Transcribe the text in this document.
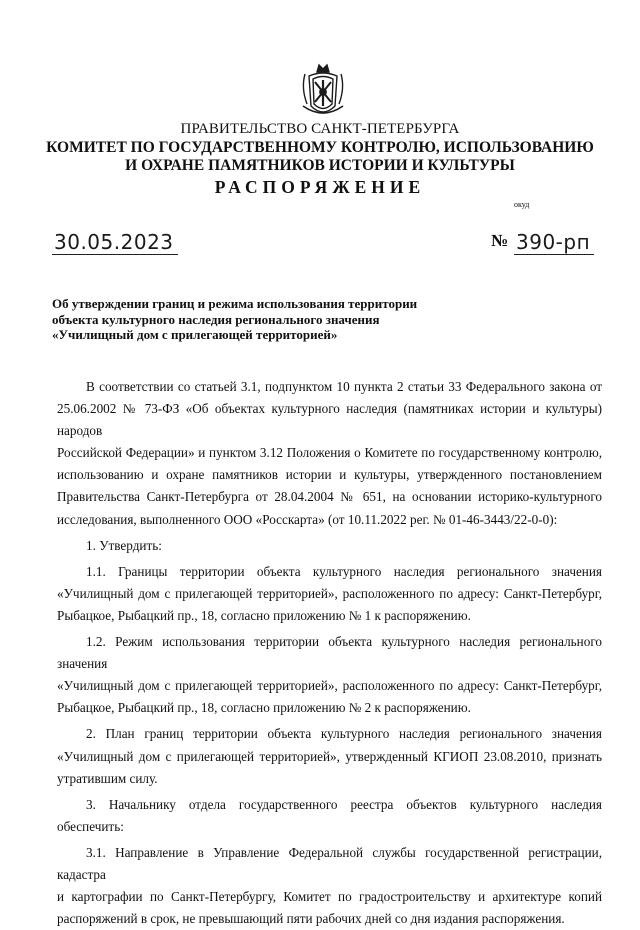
ПРАВИТЕЛЬСТВО САНКТ-ПЕТЕРБУРГА
КОМИТЕТ ПО ГОСУДАРСТВЕННОМУ КОНТРОЛЮ, ИСПОЛЬЗОВАНИЮ
И ОХРАНЕ ПАМЯТНИКОВ ИСТОРИИ И КУЛЬТУРЫ
РАСПОРЯЖЕНИЕ
окуд
30.05.2023	№ 390-рп
Об утверждении границ и режима использования территории
объекта культурного наследия регионального значения
«Училищный дом с прилегающей территорией»

В соответствии со статьей 3.1, подпунктом 10 пункта 2 статьи 33 Федерального закона от

25.06.2002 № 73-ФЗ «Об объектах культурного наследия (памятниках истории и культуры) народов

Российской Федерации» и пунктом 3.12 Положения о Комитете по государственному контролю,

использованию и охране памятников истории и культуры, утвержденного постановлением

Правительства Санкт-Петербурга от 28.04.2004 № 651, на основании историко-культурного

исследования, выполненного ООО «Росскарта» (от 10.11.2022 рег. № 01-46-3443/22-0-0):

1. Утвердить:

1.1. Границы территории объекта культурного наследия регионального значения

«Училищный дом с прилегающей территорией», расположенного по адресу: Санкт-Петербург,

Рыбацкое, Рыбацкий пр., 18, согласно приложению № 1 к распоряжению.

1.2. Режим использования территории объекта культурного наследия регионального значения

«Училищный дом с прилегающей территорией», расположенного по адресу: Санкт-Петербург,

Рыбацкое, Рыбацкий пр., 18, согласно приложению № 2 к распоряжению.

2. План границ территории объекта культурного наследия регионального значения

«Училищный дом с прилегающей территорией», утвержденный КГИОП 23.08.2010, признать

утратившим силу.

3. Начальнику отдела государственного реестра объектов культурного наследия обеспечить:

3.1. Направление в Управление Федеральной службы государственной регистрации, кадастра

и картографии по Санкт-Петербургу, Комитет по градостроительству и архитектуре копий

распоряжений в срок, не превышающий пяти рабочих дней со дня издания распоряжения.
